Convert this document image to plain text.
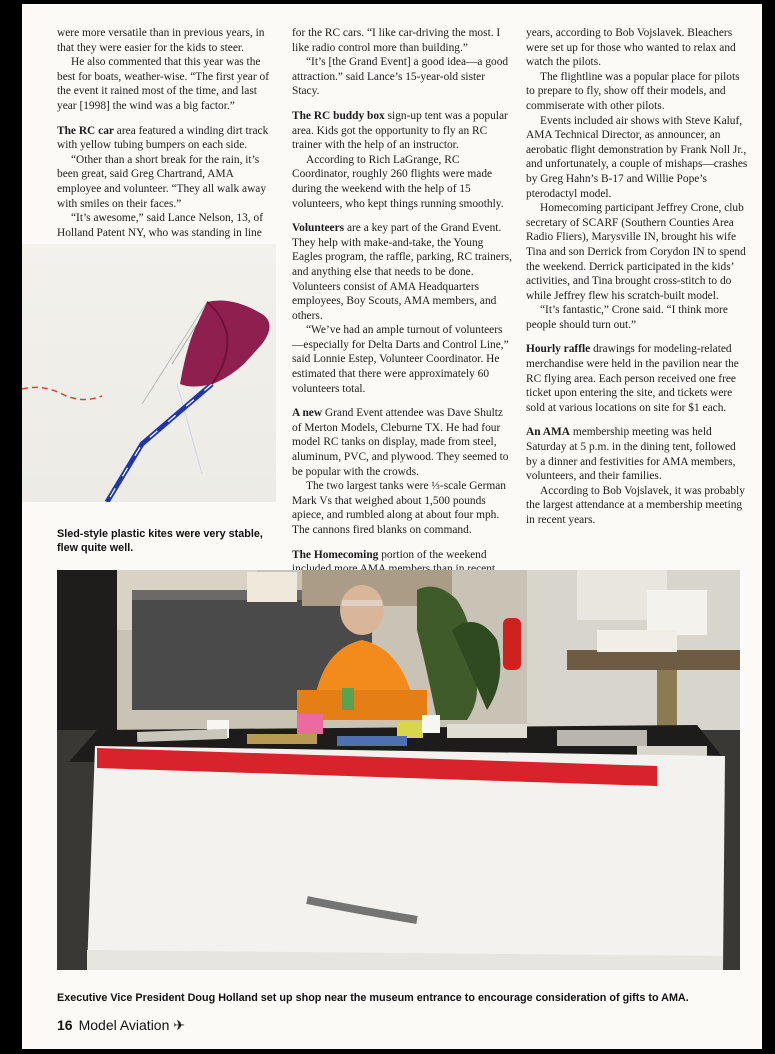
were more versatile than in previous years, in that they were easier for the kids to steer.

He also commented that this year was the best for boats, weather-wise. “The first year of the event it rained most of the time, and last year [1998] the wind was a big factor.”

The RC car area featured a winding dirt track with yellow tubing bumpers on each side.

“Other than a short break for the rain, it’s been great, said Greg Chartrand, AMA employee and volunteer. “They all walk away with smiles on their faces.”

“It’s awesome,” said Lance Nelson, 13, of Holland Patent NY, who was standing in line

Sled-style plastic kites were very stable, flew quite well.

for the RC cars. “I like car-driving the most. I like radio control more than building.”

“It’s [the Grand Event] a good idea—a good attraction.” said Lance’s 15-year-old sister Stacy.

The RC buddy box sign-up tent was a popular area. Kids got the opportunity to fly an RC trainer with the help of an instructor.

According to Rich LaGrange, RC Coordinator, roughly 260 flights were made during the weekend with the help of 15 volunteers, who kept things running smoothly.

Volunteers are a key part of the Grand Event. They help with make-and-take, the Young Eagles program, the raffle, parking, RC trainers, and anything else that needs to be done. Volunteers consist of AMA Headquarters employees, Boy Scouts, AMA members, and others.

“We’ve had an ample turnout of volunteers—especially for Delta Darts and Control Line,” said Lonnie Estep, Volunteer Coordinator. He estimated that there were approximately 60 volunteers total.

A new Grand Event attendee was Dave Shultz of Merton Models, Cleburne TX. He had four model RC tanks on display, made from steel, aluminum, PVC, and plywood. They seemed to be popular with the crowds.

The two largest tanks were ⅓-scale German Mark Vs that weighed about 1,500 pounds apiece, and rumbled along at about four mph. The cannons fired blanks on command.

The Homecoming portion of the weekend

years, according to Bob Vojslavek. Bleachers were set up for those who wanted to relax and watch the pilots.

The flightline was a popular place for pilots to prepare to fly, show off their models, and commiserate with other pilots.

Events included air shows with Steve Kaluf, AMA Technical Director, as announcer, an aerobatic flight demonstration by Frank Noll Jr., and unfortunately, a couple of mishaps—crashes by Greg Hahn’s B-17 and Willie Pope’s pterodactyl model.

Homecoming participant Jeffrey Crone, club secretary of SCARF (Southern Counties Area Radio Fliers), Marysville IN, brought his wife Tina and son Derrick from Corydon IN to spend the weekend. Derrick participated in the kids’ activities, and Tina brought cross-stitch to do while Jeffrey flew his scratch-built model.

“It’s fantastic,” Crone said. “I think more people should turn out.”

Hourly raffle drawings for modeling-related merchandise were held in the pavilion near the RC flying area. Each person received one free ticket upon entering the site, and tickets were sold at various locations on site for $1 each.

An AMA membership meeting was held Saturday at 5 p.m. in the dining tent, followed by a dinner and festivities for AMA members, volunteers, and their families.

According to Bob Vojslavek, it was probably the largest attendance at a membership meeting in recent years.

Executive Vice President Doug Holland set up shop near the museum entrance to encourage consideration of gifts to AMA.

16 Model Aviation ✈
